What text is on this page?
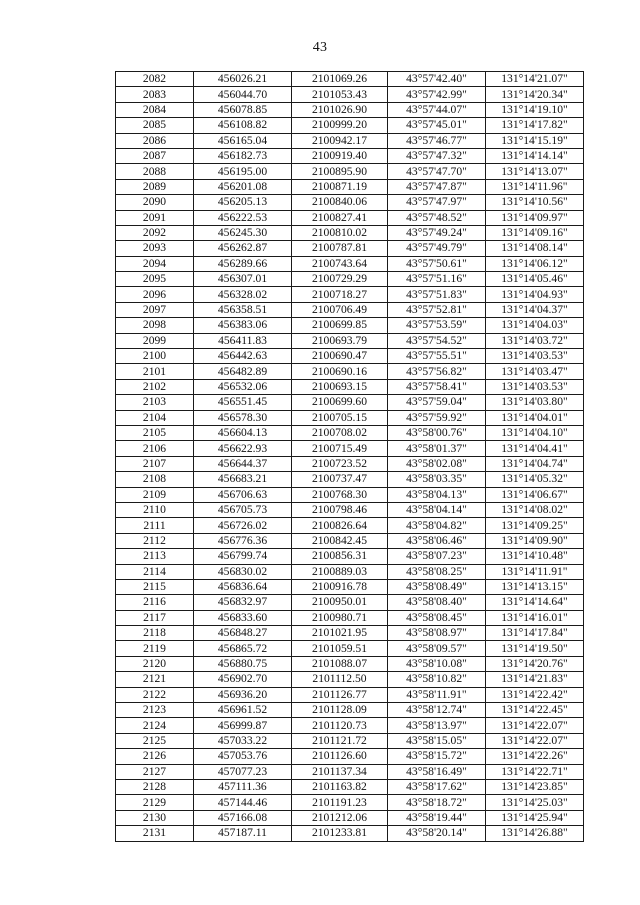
43
2082	456026.21	2101069.26	43°57'42.40"	131°14'21.07"
2083	456044.70	2101053.43	43°57'42.99"	131°14'20.34"
2084	456078.85	2101026.90	43°57'44.07"	131°14'19.10"
2085	456108.82	2100999.20	43°57'45.01"	131°14'17.82"
2086	456165.04	2100942.17	43°57'46.77"	131°14'15.19"
2087	456182.73	2100919.40	43°57'47.32"	131°14'14.14"
2088	456195.00	2100895.90	43°57'47.70"	131°14'13.07"
2089	456201.08	2100871.19	43°57'47.87"	131°14'11.96"
2090	456205.13	2100840.06	43°57'47.97"	131°14'10.56"
2091	456222.53	2100827.41	43°57'48.52"	131°14'09.97"
2092	456245.30	2100810.02	43°57'49.24"	131°14'09.16"
2093	456262.87	2100787.81	43°57'49.79"	131°14'08.14"
2094	456289.66	2100743.64	43°57'50.61"	131°14'06.12"
2095	456307.01	2100729.29	43°57'51.16"	131°14'05.46"
2096	456328.02	2100718.27	43°57'51.83"	131°14'04.93"
2097	456358.51	2100706.49	43°57'52.81"	131°14'04.37"
2098	456383.06	2100699.85	43°57'53.59"	131°14'04.03"
2099	456411.83	2100693.79	43°57'54.52"	131°14'03.72"
2100	456442.63	2100690.47	43°57'55.51"	131°14'03.53"
2101	456482.89	2100690.16	43°57'56.82"	131°14'03.47"
2102	456532.06	2100693.15	43°57'58.41"	131°14'03.53"
2103	456551.45	2100699.60	43°57'59.04"	131°14'03.80"
2104	456578.30	2100705.15	43°57'59.92"	131°14'04.01"
2105	456604.13	2100708.02	43°58'00.76"	131°14'04.10"
2106	456622.93	2100715.49	43°58'01.37"	131°14'04.41"
2107	456644.37	2100723.52	43°58'02.08"	131°14'04.74"
2108	456683.21	2100737.47	43°58'03.35"	131°14'05.32"
2109	456706.63	2100768.30	43°58'04.13"	131°14'06.67"
2110	456705.73	2100798.46	43°58'04.14"	131°14'08.02"
2111	456726.02	2100826.64	43°58'04.82"	131°14'09.25"
2112	456776.36	2100842.45	43°58'06.46"	131°14'09.90"
2113	456799.74	2100856.31	43°58'07.23"	131°14'10.48"
2114	456830.02	2100889.03	43°58'08.25"	131°14'11.91"
2115	456836.64	2100916.78	43°58'08.49"	131°14'13.15"
2116	456832.97	2100950.01	43°58'08.40"	131°14'14.64"
2117	456833.60	2100980.71	43°58'08.45"	131°14'16.01"
2118	456848.27	2101021.95	43°58'08.97"	131°14'17.84"
2119	456865.72	2101059.51	43°58'09.57"	131°14'19.50"
2120	456880.75	2101088.07	43°58'10.08"	131°14'20.76"
2121	456902.70	2101112.50	43°58'10.82"	131°14'21.83"
2122	456936.20	2101126.77	43°58'11.91"	131°14'22.42"
2123	456961.52	2101128.09	43°58'12.74"	131°14'22.45"
2124	456999.87	2101120.73	43°58'13.97"	131°14'22.07"
2125	457033.22	2101121.72	43°58'15.05"	131°14'22.07"
2126	457053.76	2101126.60	43°58'15.72"	131°14'22.26"
2127	457077.23	2101137.34	43°58'16.49"	131°14'22.71"
2128	457111.36	2101163.82	43°58'17.62"	131°14'23.85"
2129	457144.46	2101191.23	43°58'18.72"	131°14'25.03"
2130	457166.08	2101212.06	43°58'19.44"	131°14'25.94"
2131	457187.11	2101233.81	43°58'20.14"	131°14'26.88"
